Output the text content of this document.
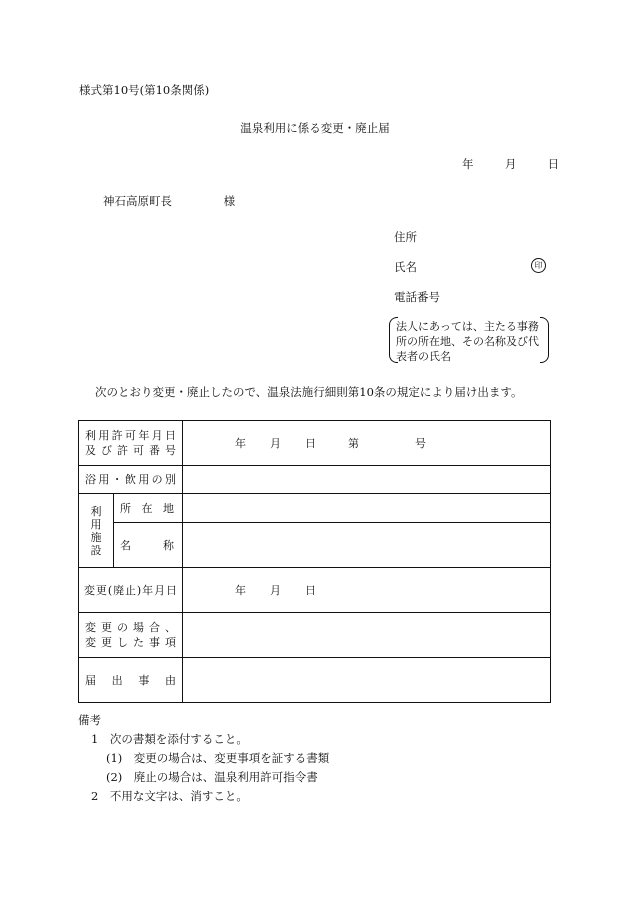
様式第10号(第10条関係)
温泉利用に係る変更・廃止届
年	月	日
神石高原町長	様
住所
氏名	印
電話番号
法人にあっては、主たる事務所の所在地、その名称及び代表者の氏名
次のとおり変更・廃止したので、温泉法施行細則第10条の規定により届け出ます。
利用許可年月日
及び許可番号		年 月 日 第 号

浴用・飲用の別		

利用施設	所在地	

	名称	

変更(廃止)年月日		年 月 日

変更の場合、
変更した事項		

届出事由		

備考
1　次の書類を添付すること。
(1)　変更の場合は、変更事項を証する書類
(2)　廃止の場合は、温泉利用許可指令書
2　不用な文字は、消すこと。
